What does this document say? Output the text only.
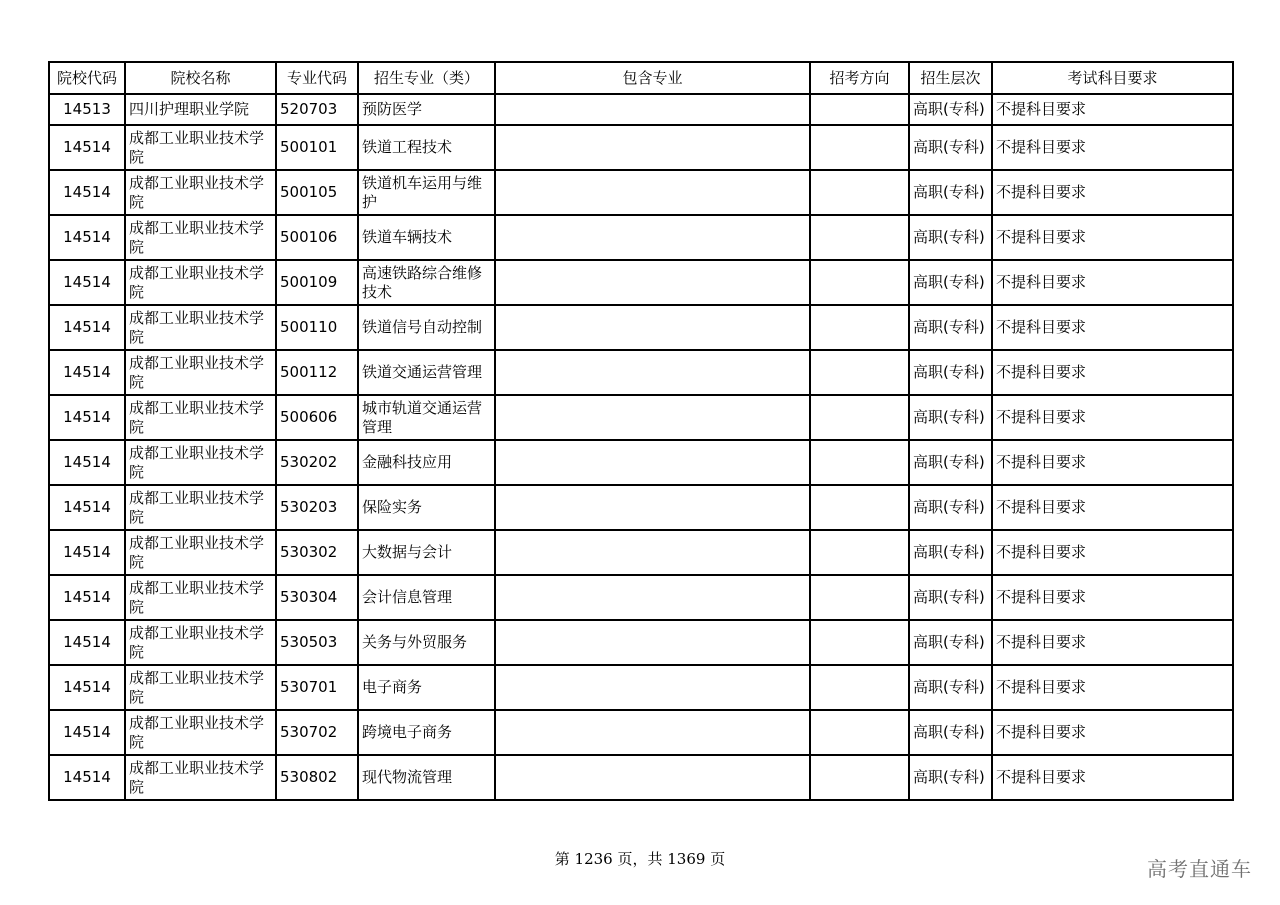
院校代码	院校名称	专业代码	招生专业（类）	包含专业	招考方向	招生层次	考试科目要求
14513	四川护理职业学院	520703	预防医学			高职(专科)	不提科目要求
14514	成都工业职业技术学院	500101	铁道工程技术			高职(专科)	不提科目要求
14514	成都工业职业技术学院	500105	铁道机车运用与维护			高职(专科)	不提科目要求
14514	成都工业职业技术学院	500106	铁道车辆技术			高职(专科)	不提科目要求
14514	成都工业职业技术学院	500109	高速铁路综合维修技术			高职(专科)	不提科目要求
14514	成都工业职业技术学院	500110	铁道信号自动控制			高职(专科)	不提科目要求
14514	成都工业职业技术学院	500112	铁道交通运营管理			高职(专科)	不提科目要求
14514	成都工业职业技术学院	500606	城市轨道交通运营管理			高职(专科)	不提科目要求
14514	成都工业职业技术学院	530202	金融科技应用			高职(专科)	不提科目要求
14514	成都工业职业技术学院	530203	保险实务			高职(专科)	不提科目要求
14514	成都工业职业技术学院	530302	大数据与会计			高职(专科)	不提科目要求
14514	成都工业职业技术学院	530304	会计信息管理			高职(专科)	不提科目要求
14514	成都工业职业技术学院	530503	关务与外贸服务			高职(专科)	不提科目要求
14514	成都工业职业技术学院	530701	电子商务			高职(专科)	不提科目要求
14514	成都工业职业技术学院	530702	跨境电子商务			高职(专科)	不提科目要求
14514	成都工业职业技术学院	530802	现代物流管理			高职(专科)	不提科目要求
第 1236 页，共 1369 页	高考直通车
